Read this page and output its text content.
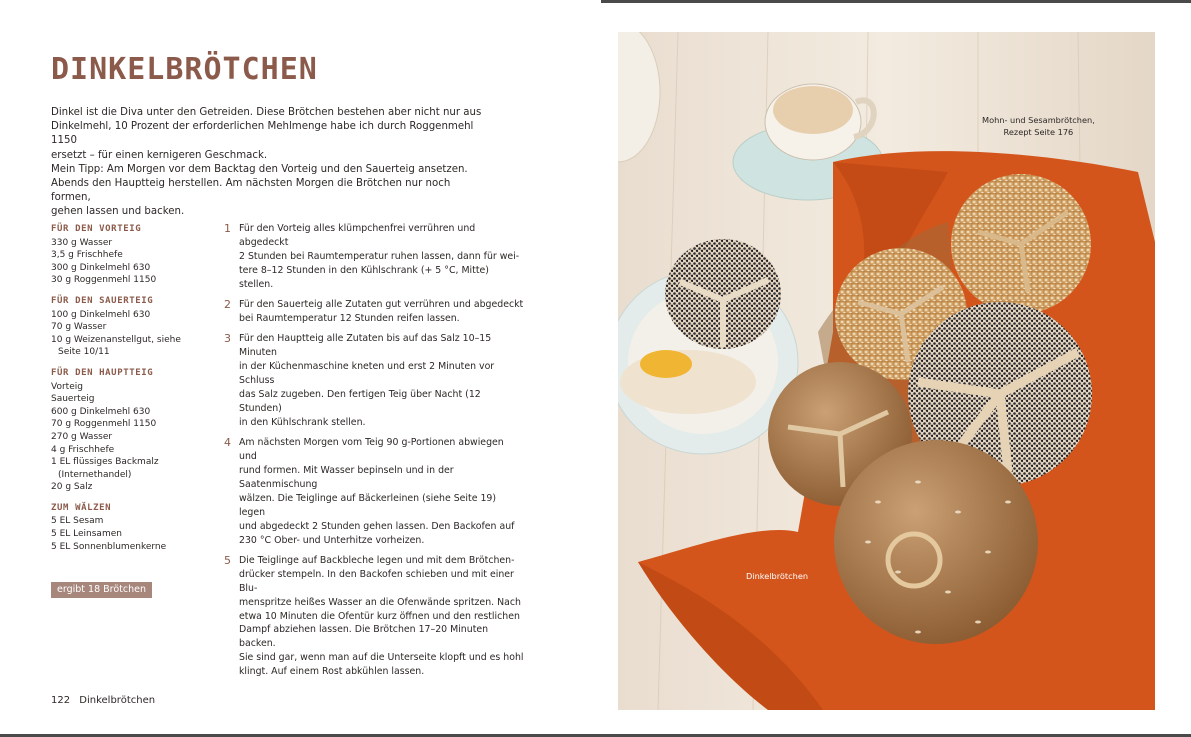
DINKELBRÖTCHEN

Dinkel ist die Diva unter den Getreiden. Diese Brötchen bestehen aber nicht nur aus

Dinkelmehl, 10 Prozent der erforderlichen Mehlmenge habe ich durch Roggenmehl 1150

ersetzt – für einen kernigeren Geschmack.

Mein Tipp: Am Morgen vor dem Backtag den Vorteig und den Sauerteig ansetzen.

Abends den Hauptteig herstellen. Am nächsten Morgen die Brötchen nur noch formen,

gehen lassen und backen.

FÜR DEN VORTEIG
330 g Wasser
3,5 g Frischhefe
300 g Dinkelmehl 630
30 g Roggenmehl 1150
FÜR DEN SAUERTEIG
100 g Dinkelmehl 630
70 g Wasser
10 g Weizenanstellgut, siehe
Seite 10/11
FÜR DEN HAUPTTEIG
Vorteig
Sauerteig
600 g Dinkelmehl 630
70 g Roggenmehl 1150
270 g Wasser
4 g Frischhefe
1 EL flüssiges Backmalz
(Internethandel)
20 g Salz
ZUM WÄLZEN
5 EL Sesam
5 EL Leinsamen
5 EL Sonnenblumenkerne
ergibt 18 Brötchen
1 Für den Vorteig alles klümpchenfrei verrühren und abgedeckt
2 Stunden bei Raumtemperatur ruhen lassen, dann für wei-
tere 8–12 Stunden in den Kühlschrank (+ 5 °C, Mitte) stellen.
2 Für den Sauerteig alle Zutaten gut verrühren und abgedeckt
bei Raumtemperatur 12 Stunden reifen lassen.
3 Für den Hauptteig alle Zutaten bis auf das Salz 10–15 Minuten
in der Küchenmaschine kneten und erst 2 Minuten vor Schluss
das Salz zugeben. Den fertigen Teig über Nacht (12 Stunden)
in den Kühlschrank stellen.
4 Am nächsten Morgen vom Teig 90 g-Portionen abwiegen und
rund formen. Mit Wasser bepinseln und in der Saatenmischung
wälzen. Die Teiglinge auf Bäckerleinen (siehe Seite 19) legen
und abgedeckt 2 Stunden gehen lassen. Den Backofen auf
230 °C Ober- und Unterhitze vorheizen.
5 Die Teiglinge auf Backbleche legen und mit dem Brötchen-
drücker stempeln. In den Backofen schieben und mit einer Blu-
menspritze heißes Wasser an die Ofenwände spritzen. Nach
etwa 10 Minuten die Ofentür kurz öffnen und den restlichen
Dampf abziehen lassen. Die Brötchen 17–20 Minuten backen.
Sie sind gar, wenn man auf die Unterseite klopft und es hohl
klingt. Auf einem Rost abkühlen lassen.
122 Dinkelbrötchen
Mohn- und Sesambrötchen,
Rezept Seite 176
Dinkelbrötchen
